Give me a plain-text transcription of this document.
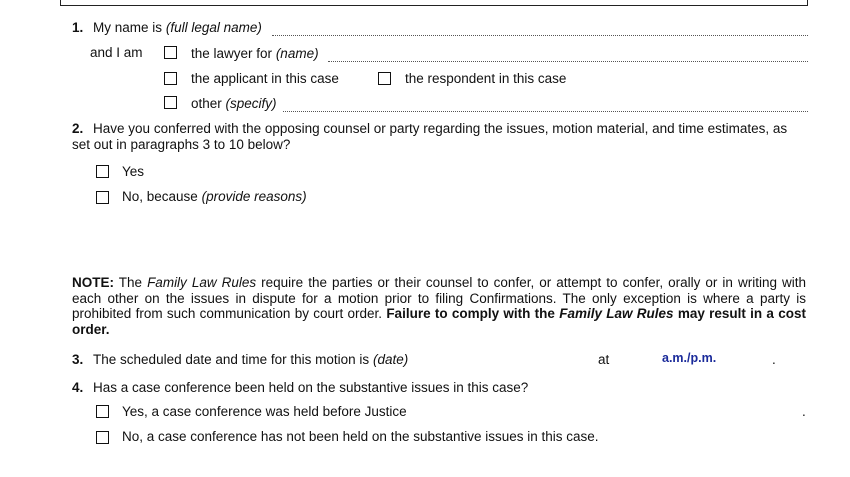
1. My name is (full legal name)
and I am	the lawyer for (name)
the applicant in this case	the respondent in this case
other (specify)
2. Have you conferred with the opposing counsel or party regarding the issues, motion material, and time estimates, as set out in paragraphs 3 to 10 below?
Yes
No, because (provide reasons)
NOTE: The Family Law Rules require the parties or their counsel to confer, or attempt to confer, orally or in writing with each other on the issues in dispute for a motion prior to filing Confirmations. The only exception is where a party is prohibited from such communication by court order. Failure to comply with the Family Law Rules may result in a cost order.
3. The scheduled date and time for this motion is (date)	at	a.m./p.m.	.
4. Has a case conference been held on the substantive issues in this case?
Yes, a case conference was held before Justice	.
No, a case conference has not been held on the substantive issues in this case.
